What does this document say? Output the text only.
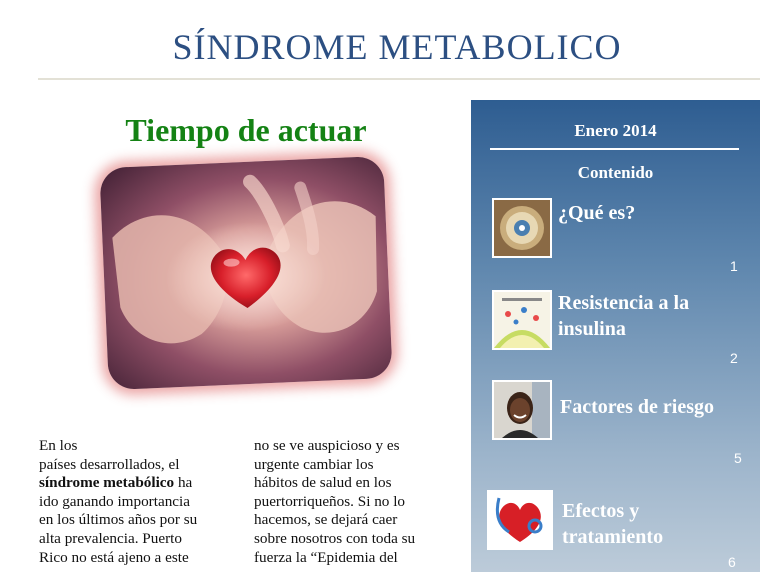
SÍNDROME METABOLICO
Tiempo de actuar
En los
países desarrollados, el
síndrome metabólico ha
ido ganando importancia
en los últimos años por su
alta prevalencia. Puerto
Rico no está ajeno a este
no se ve auspicioso y es
urgente cambiar los
hábitos de salud en los
puertorriqueños. Si no lo
hacemos, se dejará caer
sobre nosotros con toda su
fuerza la “Epidemia del
Enero 2014
Contenido
¿Qué es?
1
Resistencia a la
insulina
2
Factores de riesgo
5
Efectos y
tratamiento
6
